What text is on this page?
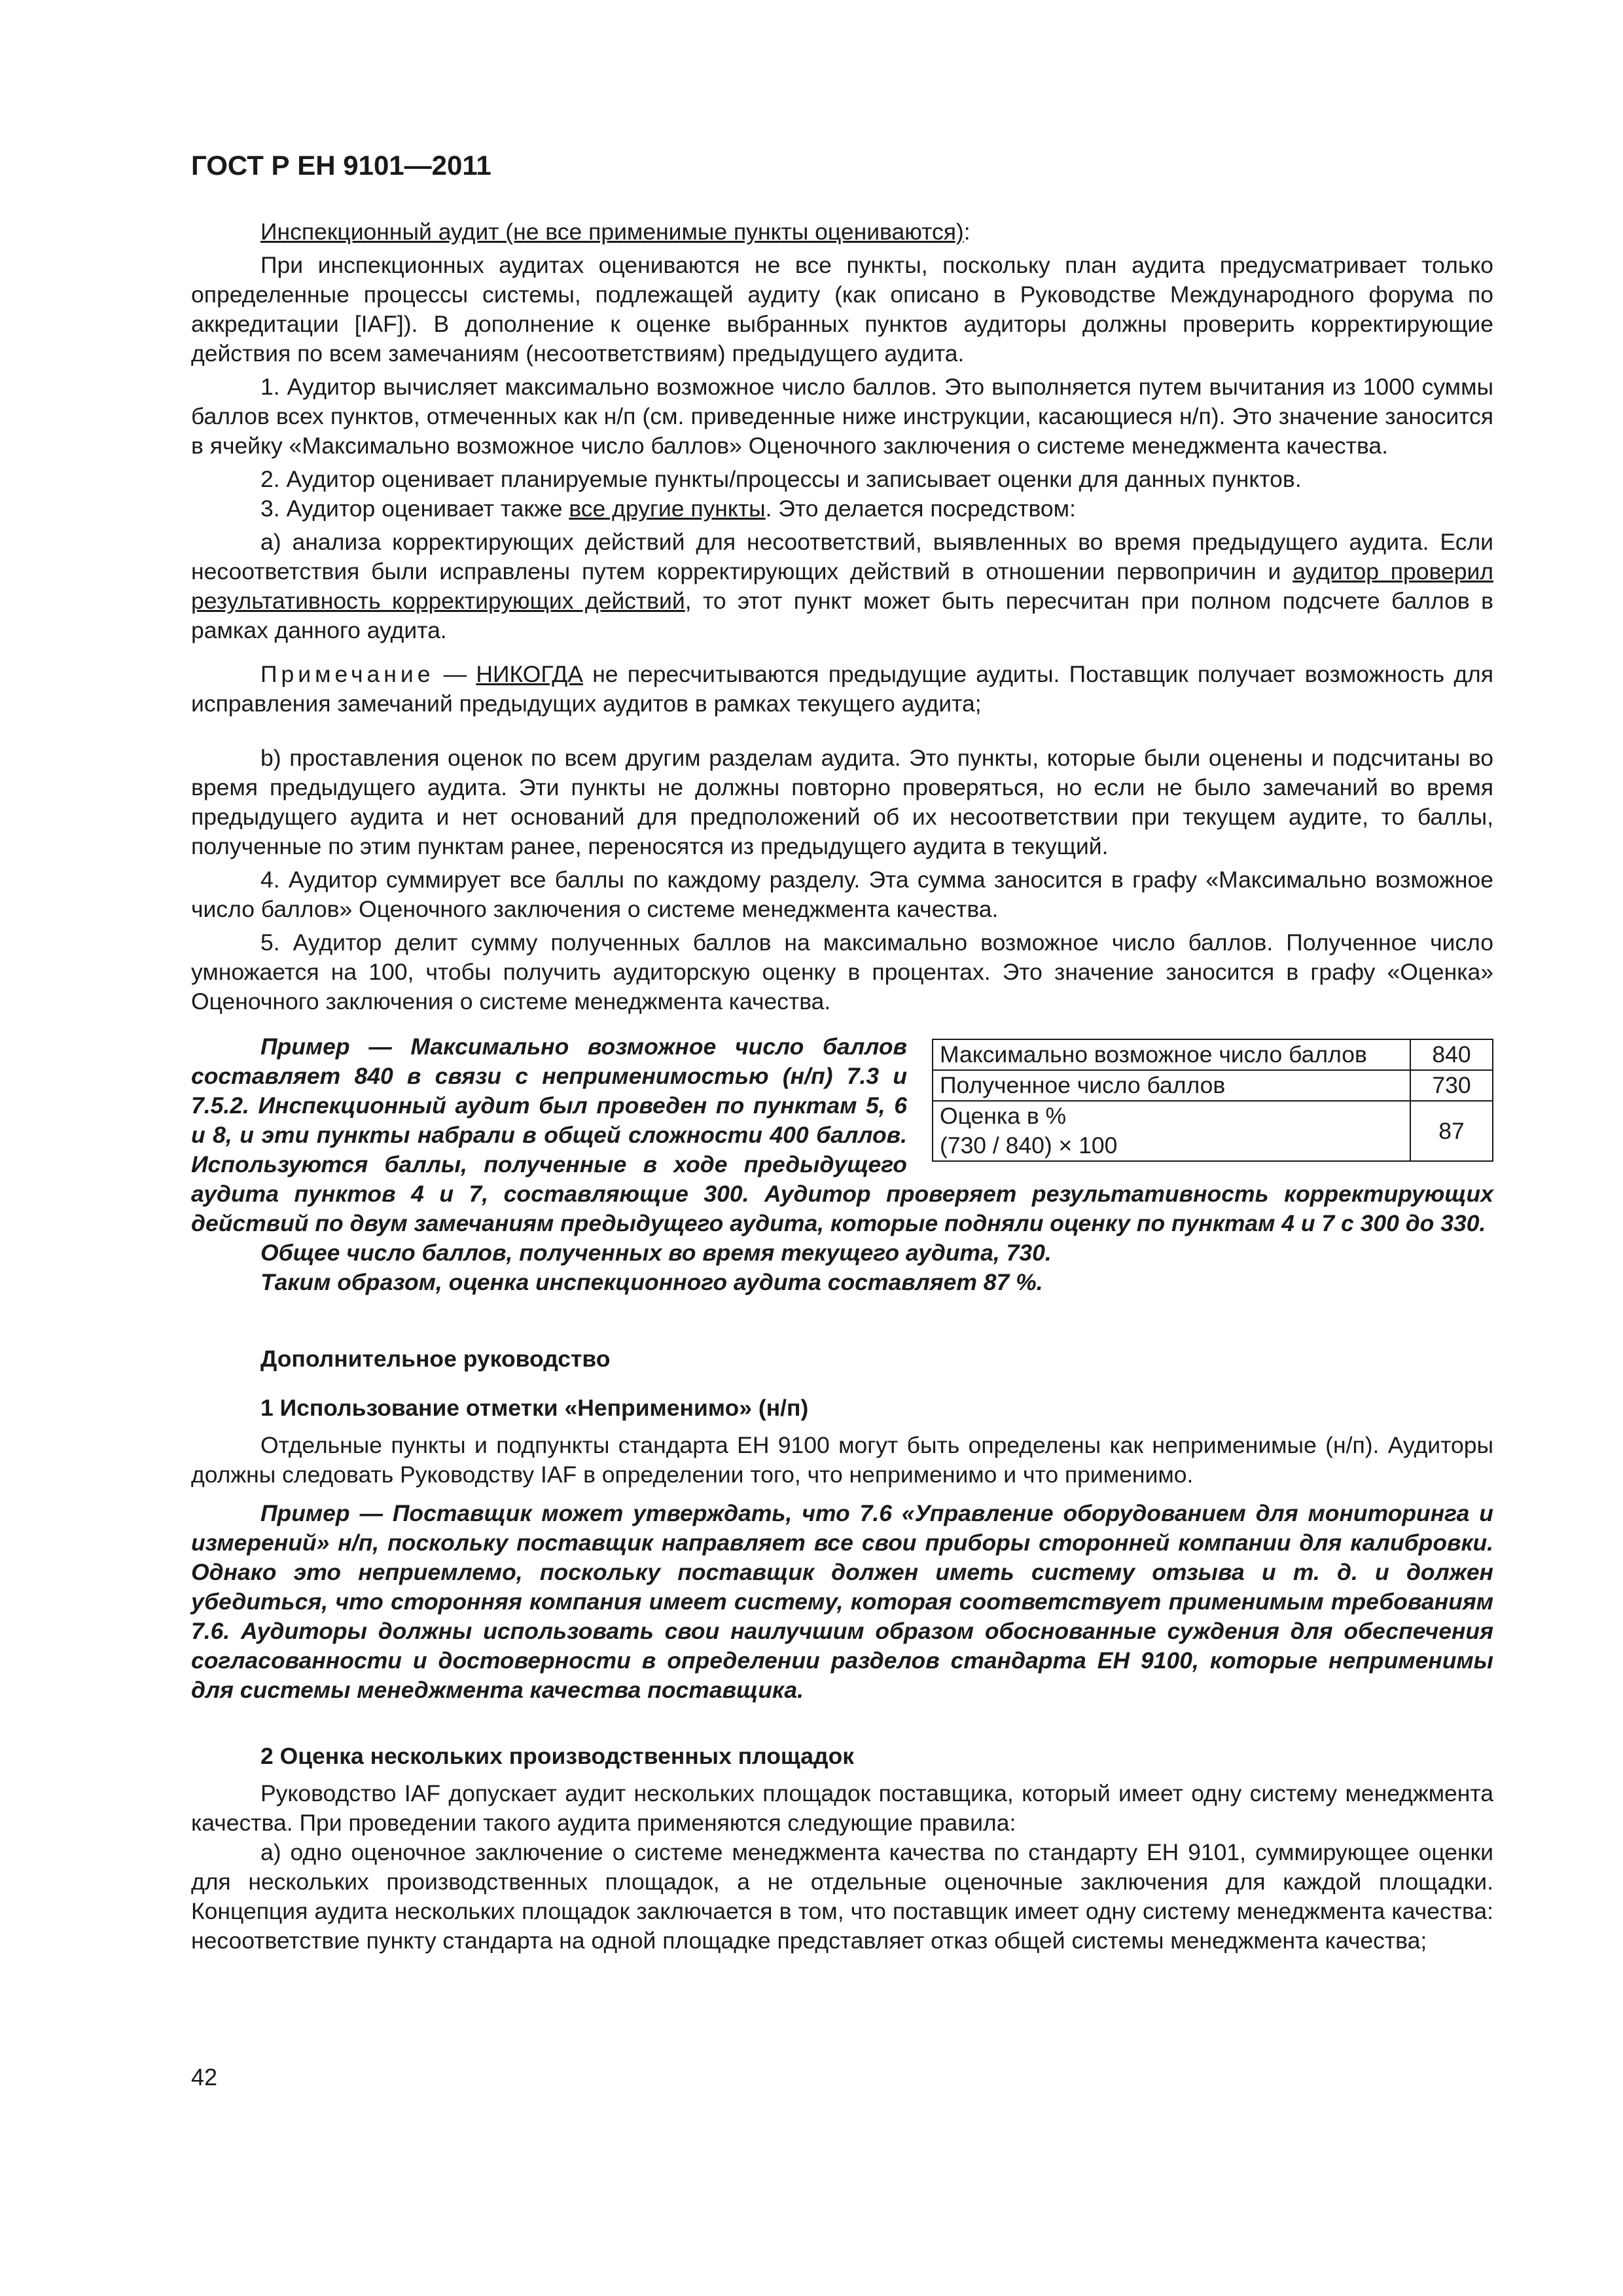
ГОСТ Р ЕН 9101—2011

Инспекционный аудит (не все применимые пункты оцениваются):

При инспекционных аудитах оцениваются не все пункты, поскольку план аудита предусматривает только определенные процессы системы, подлежащей аудиту (как описано в Руководстве Международного форума по аккредитации [IAF]). В дополнение к оценке выбранных пунктов аудиторы должны проверить корректирующие действия по всем замечаниям (несоответствиям) предыдущего аудита.

1. Аудитор вычисляет максимально возможное число баллов. Это выполняется путем вычитания из 1000 суммы баллов всех пунктов, отмеченных как н/п (см. приведенные ниже инструкции, касающиеся н/п). Это значение заносится в ячейку «Максимально возможное число баллов» Оценочного заключения о системе менеджмента качества.

2. Аудитор оценивает планируемые пункты/процессы и записывает оценки для данных пунктов.

3. Аудитор оценивает также все другие пункты. Это делается посредством:

a) анализа корректирующих действий для несоответствий, выявленных во время предыдущего аудита. Если несоответствия были исправлены путем корректирующих действий в отношении первопричин и аудитор проверил результативность корректирующих действий, то этот пункт может быть пересчитан при полном подсчете баллов в рамках данного аудита.

Примечание — НИКОГДА не пересчитываются предыдущие аудиты. Поставщик получает возможность для исправления замечаний предыдущих аудитов в рамках текущего аудита;

b) проставления оценок по всем другим разделам аудита. Это пункты, которые были оценены и подсчитаны во время предыдущего аудита. Эти пункты не должны повторно проверяться, но если не было замечаний во время предыдущего аудита и нет оснований для предположений об их несоответствии при текущем аудите, то баллы, полученные по этим пунктам ранее, переносятся из предыдущего аудита в текущий.

4. Аудитор суммирует все баллы по каждому разделу. Эта сумма заносится в графу «Максимально возможное число баллов» Оценочного заключения о системе менеджмента качества.

5. Аудитор делит сумму полученных баллов на максимально возможное число баллов. Полученное число умножается на 100, чтобы получить аудиторскую оценку в процентах. Это значение заносится в графу «Оценка» Оценочного заключения о системе менеджмента качества.

Максимально возможное число баллов	840
Полученное число баллов	730

Оценка в %
(730 / 840) × 100	87

Пример — Максимально возможное число баллов составляет 840 в связи с неприменимостью (н/п) 7.3 и 7.5.2. Инспекционный аудит был проведен по пунктам 5, 6 и 8, и эти пункты набрали в общей сложности 400 баллов. Используются баллы, полученные в ходе предыдущего аудита пунктов 4 и 7, составляющие 300. Аудитор проверяет результативность корректирующих действий по двум замечаниям предыдущего аудита, которые подняли оценку по пунктам 4 и 7 с 300 до 330.

Общее число баллов, полученных во время текущего аудита, 730.

Таким образом, оценка инспекционного аудита составляет 87 %.

Дополнительное руководство

1 Использование отметки «Неприменимо» (н/п)

Отдельные пункты и подпункты стандарта ЕН 9100 могут быть определены как неприменимые (н/п). Аудиторы должны следовать Руководству IAF в определении того, что неприменимо и что применимо.

Пример — Поставщик может утверждать, что 7.6 «Управление оборудованием для мониторинга и измерений» н/п, поскольку поставщик направляет все свои приборы сторонней компании для калибровки. Однако это неприемлемо, поскольку поставщик должен иметь систему отзыва и т. д. и должен убедиться, что сторонняя компания имеет систему, которая соответствует применимым требованиям 7.6. Аудиторы должны использовать свои наилучшим образом обоснованные суждения для обеспечения согласованности и достоверности в определении разделов стандарта ЕН 9100, которые неприменимы для системы менеджмента качества поставщика.

2 Оценка нескольких производственных площадок

Руководство IAF допускает аудит нескольких площадок поставщика, который имеет одну систему менеджмента качества. При проведении такого аудита применяются следующие правила:

а) одно оценочное заключение о системе менеджмента качества по стандарту ЕН 9101, суммирующее оценки для нескольких производственных площадок, а не отдельные оценочные заключения для каждой площадки. Концепция аудита нескольких площадок заключается в том, что поставщик имеет одну систему менеджмента качества: несоответствие пункту стандарта на одной площадке представляет отказ общей системы менеджмента качества;

42
